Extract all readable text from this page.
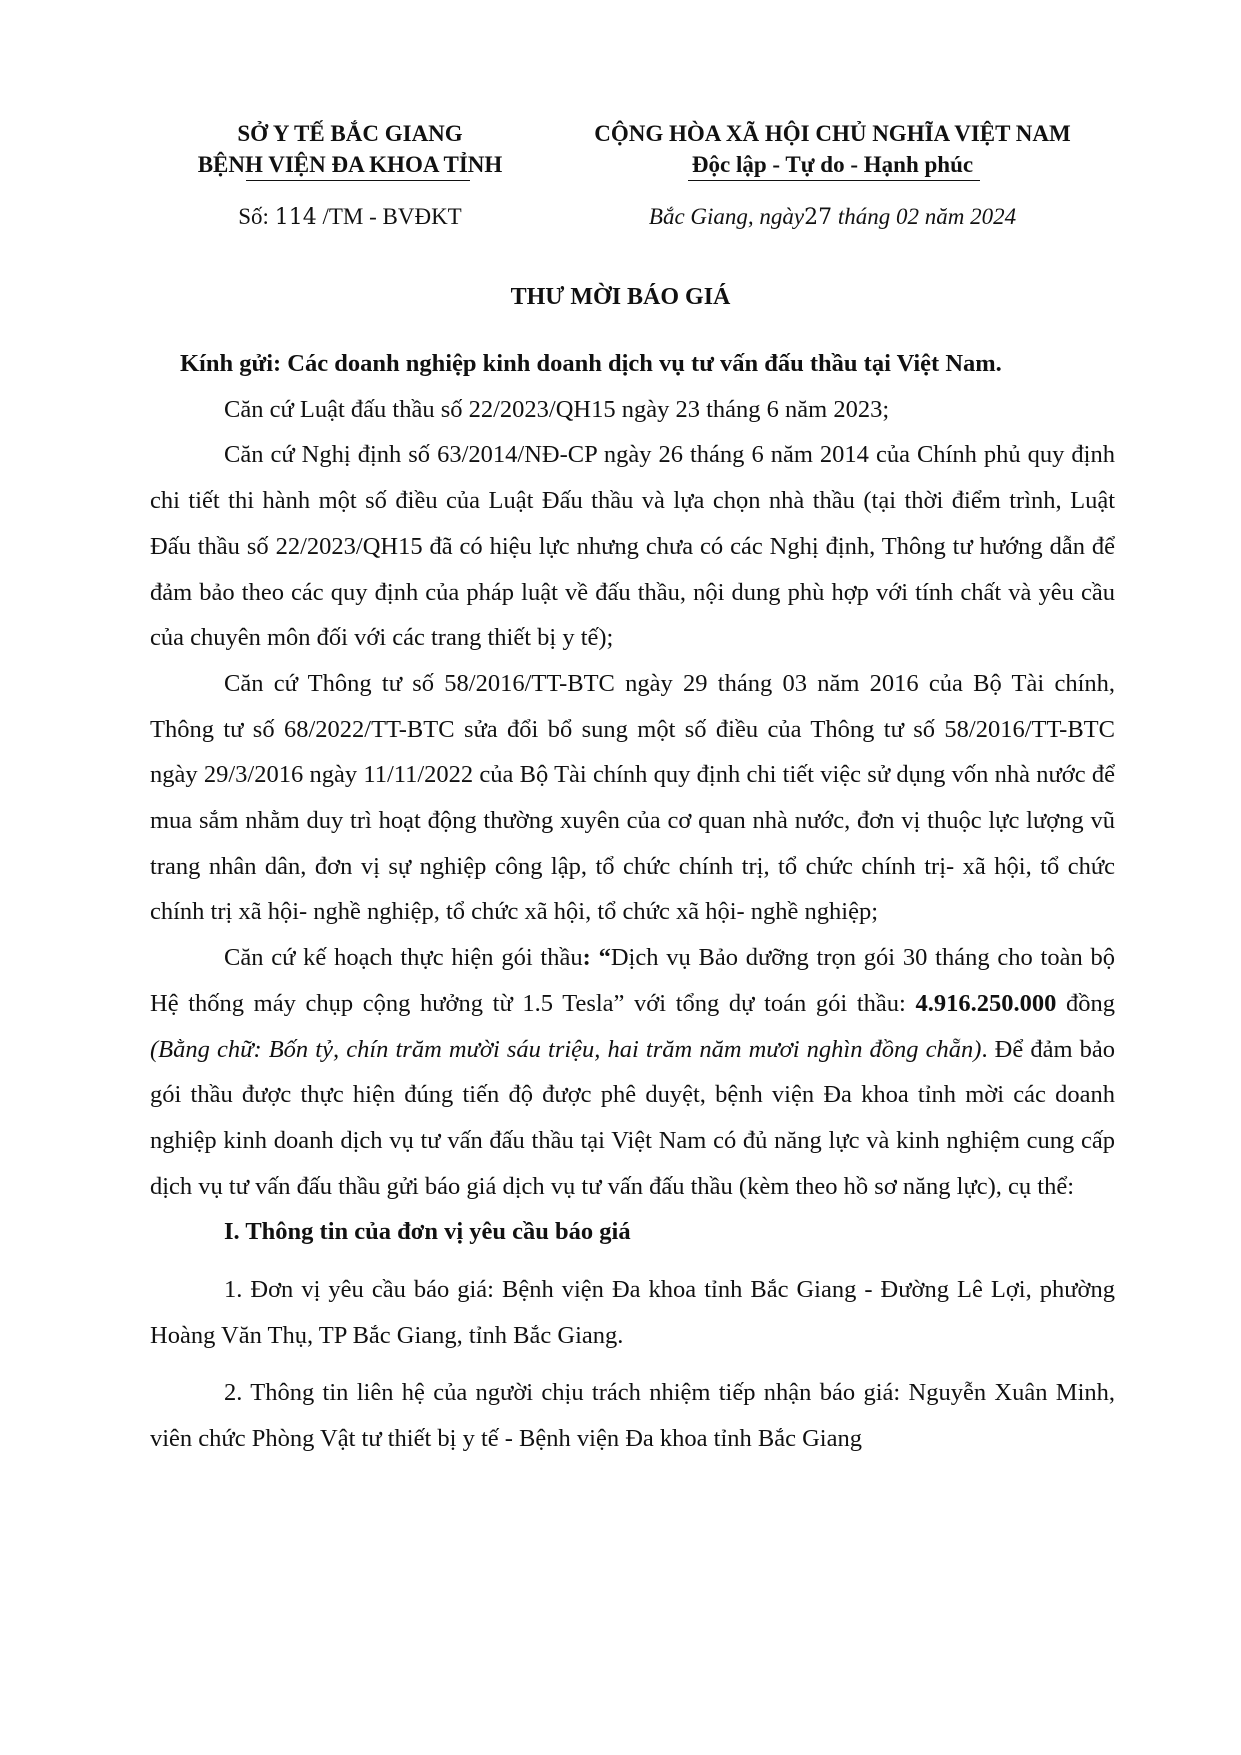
SỞ Y TẾ BẮC GIANG
BỆNH VIỆN ĐA KHOA TỈNH
CỘNG HÒA XÃ HỘI CHỦ NGHĨA VIỆT NAM
Độc lập - Tự do - Hạnh phúc
Số: 114 /TM - BVĐKT	Bắc Giang, ngày27 tháng 02 năm 2024
THƯ MỜI BÁO GIÁ

Kính gửi: Các doanh nghiệp kinh doanh dịch vụ tư vấn đấu thầu tại Việt Nam.

Căn cứ Luật đấu thầu số 22/2023/QH15 ngày 23 tháng 6 năm 2023;

Căn cứ Nghị định số 63/2014/NĐ-CP ngày 26 tháng 6 năm 2014 của Chính phủ quy định chi tiết thi hành một số điều của Luật Đấu thầu và lựa chọn nhà thầu (tại thời điểm trình, Luật Đấu thầu số 22/2023/QH15 đã có hiệu lực nhưng chưa có các Nghị định, Thông tư hướng dẫn để đảm bảo theo các quy định của pháp luật về đấu thầu, nội dung phù hợp với tính chất và yêu cầu của chuyên môn đối với các trang thiết bị y tế);

Căn cứ Thông tư số 58/2016/TT-BTC ngày 29 tháng 03 năm 2016 của Bộ Tài chính, Thông tư số 68/2022/TT-BTC sửa đổi bổ sung một số điều của Thông tư số 58/2016/TT-BTC ngày 29/3/2016 ngày 11/11/2022 của Bộ Tài chính quy định chi tiết việc sử dụng vốn nhà nước để mua sắm nhằm duy trì hoạt động thường xuyên của cơ quan nhà nước, đơn vị thuộc lực lượng vũ trang nhân dân, đơn vị sự nghiệp công lập, tổ chức chính trị, tổ chức chính trị- xã hội, tổ chức chính trị xã hội- nghề nghiệp, tổ chức xã hội, tổ chức xã hội- nghề nghiệp;

Căn cứ kế hoạch thực hiện gói thầu: “Dịch vụ Bảo dưỡng trọn gói 30 tháng cho toàn bộ Hệ thống máy chụp cộng hưởng từ 1.5 Tesla” với tổng dự toán gói thầu: 4.916.250.000 đồng (Bằng chữ: Bốn tỷ, chín trăm mười sáu triệu, hai trăm năm mươi nghìn đồng chẵn). Để đảm bảo gói thầu được thực hiện đúng tiến độ được phê duyệt, bệnh viện Đa khoa tỉnh mời các doanh nghiệp kinh doanh dịch vụ tư vấn đấu thầu tại Việt Nam có đủ năng lực và kinh nghiệm cung cấp dịch vụ tư vấn đấu thầu gửi báo giá dịch vụ tư vấn đấu thầu (kèm theo hồ sơ năng lực), cụ thể:

I. Thông tin của đơn vị yêu cầu báo giá

1. Đơn vị yêu cầu báo giá: Bệnh viện Đa khoa tỉnh Bắc Giang - Đường Lê Lợi, phường Hoàng Văn Thụ, TP Bắc Giang, tỉnh Bắc Giang.

2. Thông tin liên hệ của người chịu trách nhiệm tiếp nhận báo giá: Nguyễn Xuân Minh, viên chức Phòng Vật tư thiết bị y tế - Bệnh viện Đa khoa tỉnh Bắc Giang
